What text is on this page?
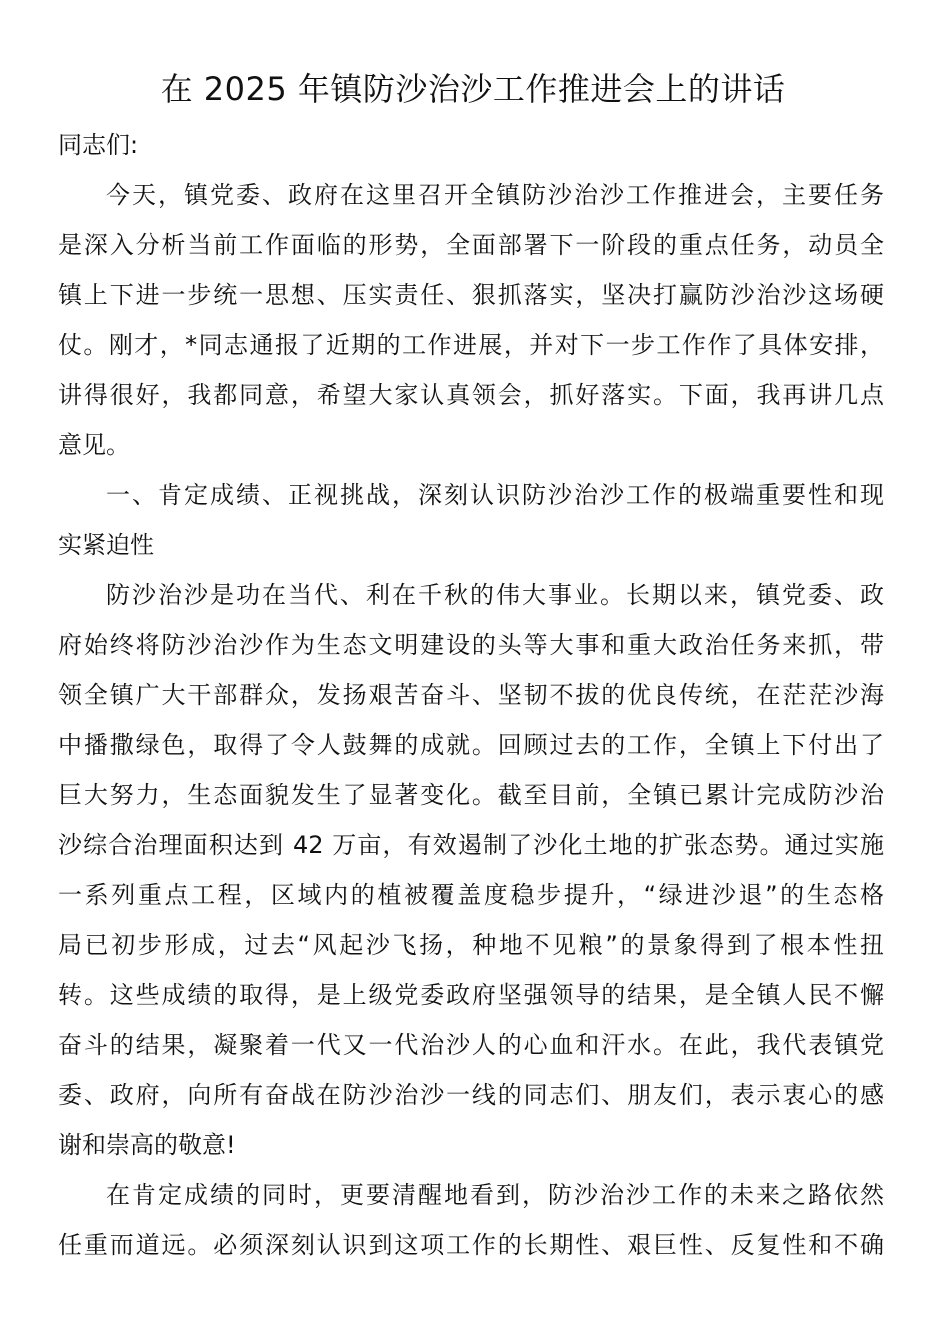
在 2025 年镇防沙治沙工作推进会上的讲话

同志们:

今天，镇党委、政府在这里召开全镇防沙治沙工作推进会，主要任务
是深入分析当前工作面临的形势，全面部署下一阶段的重点任务，动员全
镇上下进一步统一思想、压实责任、狠抓落实，坚决打赢防沙治沙这场硬
仗。刚才，*同志通报了近期的工作进展，并对下一步工作作了具体安排，
讲得很好，我都同意，希望大家认真领会，抓好落实。下面，我再讲几点
意见。

一、肯定成绩、正视挑战，深刻认识防沙治沙工作的极端重要性和现
实紧迫性

防沙治沙是功在当代、利在千秋的伟大事业。长期以来，镇党委、政
府始终将防沙治沙作为生态文明建设的头等大事和重大政治任务来抓，带
领全镇广大干部群众，发扬艰苦奋斗、坚韧不拔的优良传统，在茫茫沙海
中播撒绿色，取得了令人鼓舞的成就。回顾过去的工作，全镇上下付出了
巨大努力，生态面貌发生了显著变化。截至目前，全镇已累计完成防沙治
沙综合治理面积达到 42 万亩，有效遏制了沙化土地的扩张态势。通过实施
一系列重点工程，区域内的植被覆盖度稳步提升，“绿进沙退”的生态格
局已初步形成，过去“风起沙飞扬，种地不见粮”的景象得到了根本性扭
转。这些成绩的取得，是上级党委政府坚强领导的结果，是全镇人民不懈
奋斗的结果，凝聚着一代又一代治沙人的心血和汗水。在此，我代表镇党
委、政府，向所有奋战在防沙治沙一线的同志们、朋友们，表示衷心的感
谢和崇高的敬意!

在肯定成绩的同时，更要清醒地看到，防沙治沙工作的未来之路依然
任重而道远。必须深刻认识到这项工作的长期性、艰巨性、反复性和不确
